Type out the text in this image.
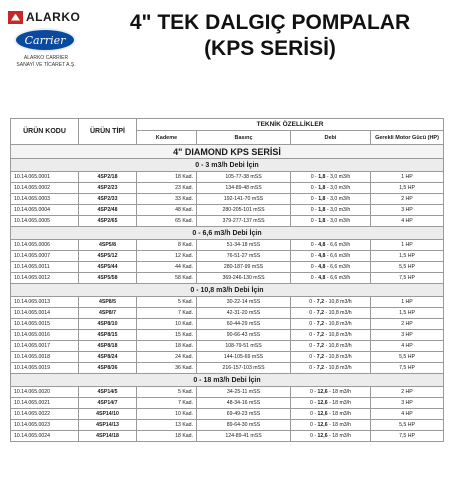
ALARKO
Carrier
ALARKO CARRIER
SANAYİ VE TİCARET A.Ş.
4" TEK DALGIÇ POMPALAR
(KPS SERİSİ)
ÜRÜN KODU	ÜRÜN TİPİ	TEKNİK ÖZELLİKLER			
		Kademe	Basınç	Debi	Gerekli Motor Gücü (HP)
4" DIAMOND KPS SERİSİ					
0 - 3 m3/h Debi İçin					
10.14.065.0001	4SP2/18	18 Kad.	105-77-38 mSS	0 - 1,8 - 3,0 m3/h	1 HP
10.14.065.0002	4SP2/23	23 Kad.	134-89-48 mSS	0 - 1,8 - 3,0 m3/h	1,5 HP
10.14.065.0003	4SP2/33	33 Kad.	192-141-70 mSS	0 - 1,8 - 3,0 m3/h	2 HP
10.14.065.0004	4SP2/48	48 Kad.	280-205-101 mSS	0 - 1,8 - 3,0 m3/h	3 HP
10.14.065.0005	4SP2/65	65 Kad.	379-277-137 mSS	0 - 1,8 - 3,0 m3/h	4 HP
0 - 6,6 m3/h Debi İçin					
10.14.065.0006	4SP5/8	8 Kad.	51-34-18 mSS	0 - 4,8 - 6,6 m3/h	1 HP
10.14.065.0007	4SP5/12	12 Kad.	76-51-27 mSS	0 - 4,8 - 6,6 m3/h	1,5 HP
10.14.065.0011	4SP5/44	44 Kad.	280-187-99 mSS	0 - 4,8 - 6,6 m3/h	5,5 HP
10.14.065.0012	4SP5/58	58 Kad.	369-246-130 mSS	0 - 4,8 - 6,6 m3/h	7,5 HP
0 - 10,8 m3/h Debi İçin					
10.14.065.0013	4SP8/5	5 Kad.	30-22-14 mSS	0 - 7,2 - 10,8 m3/h	1 HP
10.14.065.0014	4SP8/7	7 Kad.	42-31-20 mSS	0 - 7,2 - 10,8 m3/h	1,5 HP
10.14.065.0015	4SP8/10	10 Kad.	60-44-29 mSS	0 - 7,2 - 10,8 m3/h	2 HP
10.14.065.0016	4SP8/15	15 Kad.	90-66-43 mSS	0 - 7,2 - 10,8 m3/h	3 HP
10.14.065.0017	4SP8/18	18 Kad.	108-79-51 mSS	0 - 7,2 - 10,8 m3/h	4 HP
10.14.065.0018	4SP8/24	24 Kad.	144-105-69 mSS	0 - 7,2 - 10,8 m3/h	5,5 HP
10.14.065.0019	4SP8/36	36 Kad.	216-157-103 mSS	0 - 7,2 - 10,8 m3/h	7,5 HP
0 - 18 m3/h Debi İçin					
10.14.065.0020	4SP14/5	5 Kad.	34-25-11 mSS	0 - 12,6 - 18 m3/h	2 HP
10.14.065.0021	4SP14/7	7 Kad.	48-34-16 mSS	0 - 12,6 - 18 m3/h	3 HP
10.14.065.0022	4SP14/10	10 Kad.	69-49-23 mSS	0 - 12,6 - 18 m3/h	4 HP
10.14.065.0023	4SP14/13	13 Kad.	89-64-30 mSS	0 - 12,6 - 18 m3/h	5,5 HP
10.14.065.0024	4SP14/18	18 Kad.	124-89-41 mSS	0 - 12,6 - 18 m3/h	7,5 HP
